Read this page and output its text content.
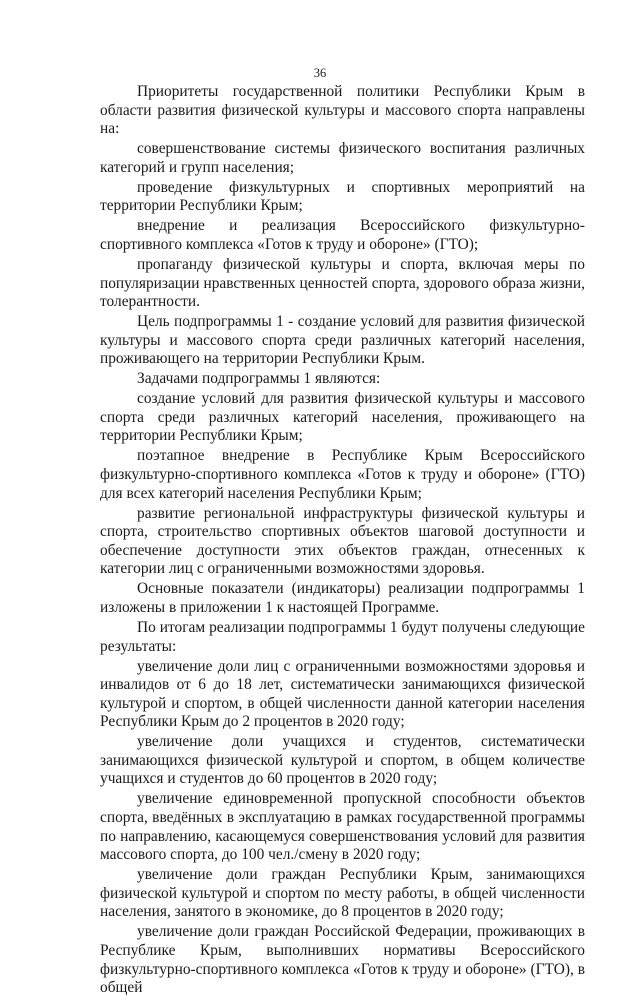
36

Приоритеты государственной политики Республики Крым в области развития физической культуры и массового спорта направлены на:

совершенствование системы физического воспитания различных категорий и групп населения;

проведение физкультурных и спортивных мероприятий на территории Республики Крым;

внедрение и реализация Всероссийского физкультурно-спортивного комплекса «Готов к труду и обороне» (ГТО);

пропаганду физической культуры и спорта, включая меры по популяризации нравственных ценностей спорта, здорового образа жизни, толерантности.

Цель подпрограммы 1 - создание условий для развития физической культуры и массового спорта среди различных категорий населения, проживающего на территории Республики Крым.

Задачами подпрограммы 1 являются:

создание условий для развития физической культуры и массового спорта среди различных категорий населения, проживающего на территории Республики Крым;

поэтапное внедрение в Республике Крым Всероссийского физкультурно-спортивного комплекса «Готов к труду и обороне» (ГТО) для всех категорий населения Республики Крым;

развитие региональной инфраструктуры физической культуры и спорта, строительство спортивных объектов шаговой доступности и обеспечение доступности этих объектов граждан, отнесенных к категории лиц с ограниченными возможностями здоровья.

Основные показатели (индикаторы) реализации подпрограммы 1 изложены в приложении 1 к настоящей Программе.

По итогам реализации подпрограммы 1 будут получены следующие результаты:

увеличение доли лиц с ограниченными возможностями здоровья и инвалидов от 6 до 18 лет, систематически занимающихся физической культурой и спортом, в общей численности данной категории населения Республики Крым до 2 процентов в 2020 году;

увеличение доли учащихся и студентов, систематически занимающихся физической культурой и спортом, в общем количестве учащихся и студентов до 60 процентов в 2020 году;

увеличение единовременной пропускной способности объектов спорта, введённых в эксплуатацию в рамках государственной программы по направлению, касающемуся совершенствования условий для развития массового спорта, до 100 чел./смену в 2020 году;

увеличение доли граждан Республики Крым, занимающихся физической культурой и спортом по месту работы, в общей численности населения, занятого в экономике, до 8 процентов в 2020 году;

увеличение доли граждан Российской Федерации, проживающих в Республике Крым, выполнивших нормативы Всероссийского физкультурно-спортивного комплекса «Готов к труду и обороне» (ГТО), в общей
